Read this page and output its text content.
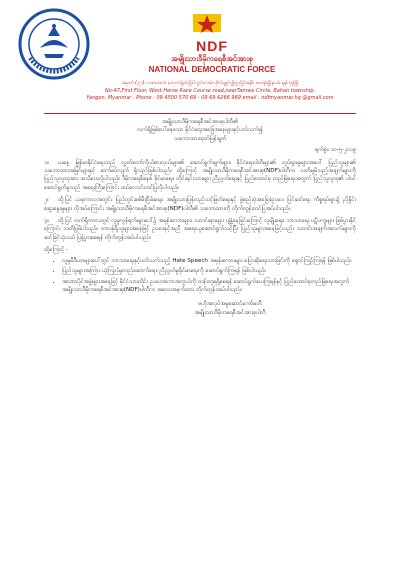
NDF
အမျိုးသားဒီမိုကရေစီအင်အားစု
NATIONAL DEMOCRATIC FORCE
အမှတ် (၄၇)၊ ပထမထပ်၊ ဝေဟင်မြင်းပြိုင်ကွင်းလမ်း၊ ဗိုလ်ချုပ်ဂျိုးပွင့်ခြံအနီး၊ ဗဟန်းမြို့နယ်၊ ရန်ကုန်မြို့
No-47,First Floor, West Horse Race Course road,nearTamwe Circle, Bahan township,
Yangon, Myanmar . Phone : 09 4500 570 69 - 09 69 6266 969 email : ndfmyanmar.hq @gmail.com
အမျိုးသားဒီမိုကရေစီအင်အားစုပါတီ၏
လက်ရှိဖြစ်ပေါ်နေသော နိုင်ငံရေးအခြေအနေများနှင့်ပတ်သက်၍
သဘောထားထုတ်ပြန်ချက်
ရက်စွဲ။ ၁၀-၅-၂၀၁၉
၁။ ယနေ့ မြန်မာနိုင်ငံရေးသည် လွှတ်တော်ကိုယ်စားလှယ်များ၏ ဆောင်ရွက်ချက်များ၊ နိုင်ငံရေးပါတီများ၏ လှုပ်ရှားမှုများအပေါ် ပြည်သူများ၏ သဘောထားအမြင်များနှင့် ဆက်စပ်လျက် ရှိသည်ဖြစ်ပါသည်။ ထို့ကြောင့် အမျိုးသားဒီမိုကရေစီအင်အားစု(NDF)ပါတီက သတိမူမိသည့်အချက်များကို ပြည်သူလူထုအား အသိပေးလိုပါသည်။ ဒီမိုကရေစီစနစ် ခိုင်မာရေး၊ တိုင်းရင်းသားများ ညီညွတ်ရေးနှင့် ပြည်ထောင်စု တည်မြဲရေးအတွက် ပြည်သူလူထု၏ ပါဝင်ဆောင်ရွက်မှုသည် အရေးကြီးကြောင်း ထပ်လောင်းတင်ပြလိုပါသည်။
၂။ ထို့ပြင် ယခုကာလအတွင်း ပြည်တွင်းစစ်မီးငြိမ်းရေး၊ အမျိုးသားပြန်လည်သင့်မြတ်ရေးနှင့် ဖွဲ့စည်းပုံအခြေခံဥပဒေ ပြင်ဆင်ရေး ကိစ္စရပ်များ၌ ညှိနှိုင်းဆွေးနွေးမှုများ လိုအပ်ကြောင်း အမျိုးသားဒီမိုကရေစီအင်အားစု(NDF)ပါတီ၏ သဘောထားကို တိုက်တွန်းတင်ပြအပ်ပါသည်။
၃။ ထို့ပြင် လက်ရှိကာလတွင် လူမှုကွန်ရက်များပေါ်၌ အမုန်းစကားများ၊ သတင်းမှားများ ပျံ့နှံ့နေခြင်းကြောင့် လူမျိုးရေး၊ ဘာသာရေး ပဋိပက္ခများ ဖြစ်ပွားနိုင်ကြောင်း သတိပြုမိပါသည်။ တာဝန်ရှိသူများအနေဖြင့် ဥပဒေနှင့်အညီ အရေးယူဆောင်ရွက်သင့်ပြီး ပြည်သူများအနေဖြင့်လည်း သတင်းအချက်အလက်များကို ဆင်ခြင်သုံးသပ် ပြန့်ပွားစေရန် တိုက်တွန်းအပ်ပါသည်။
ထို့ကြောင့် -
• လူမှုမီဒီယာများပေါ်တွင် ဘာသာရေးနှင့်ပတ်သက်သည့် Hate Speech အမုန်းစကားများ ပြောဆိုရေးသားခြင်းကို ရှောင်ကြဉ်ကြရန် ဖြစ်ပါသည်။
• ပြည်သူများအကြား ယုံကြည်မှုတည်ဆောက်ရေး၊ ညီညွတ်မှုခိုင်မာရေးကို ဆောင်ရွက်ကြရန် ဖြစ်ပါသည်။
• အာဏာပိုင်အဖွဲ့များအနေဖြင့် နိုင်ငံသားတိုင်း ဥပဒေအကာအကွယ်ကို တန်းတူရရှိစေရန် ဆောင်ရွက်ပေးကြရန်နှင့် ပြည်ထောင်စုတည်မြဲရေးအတွက် အမျိုးသားဒီမိုကရေစီအင်အားစု(NDF)ပါတီက အလေးအနက်ထား တိုက်တွန်းအပ်ပါသည်။
ဗဟိုအလုပ်အမှုဆောင်ကော်မတီ
အမျိုးသားဒီမိုကရေစီအင်အားစုပါတီ
